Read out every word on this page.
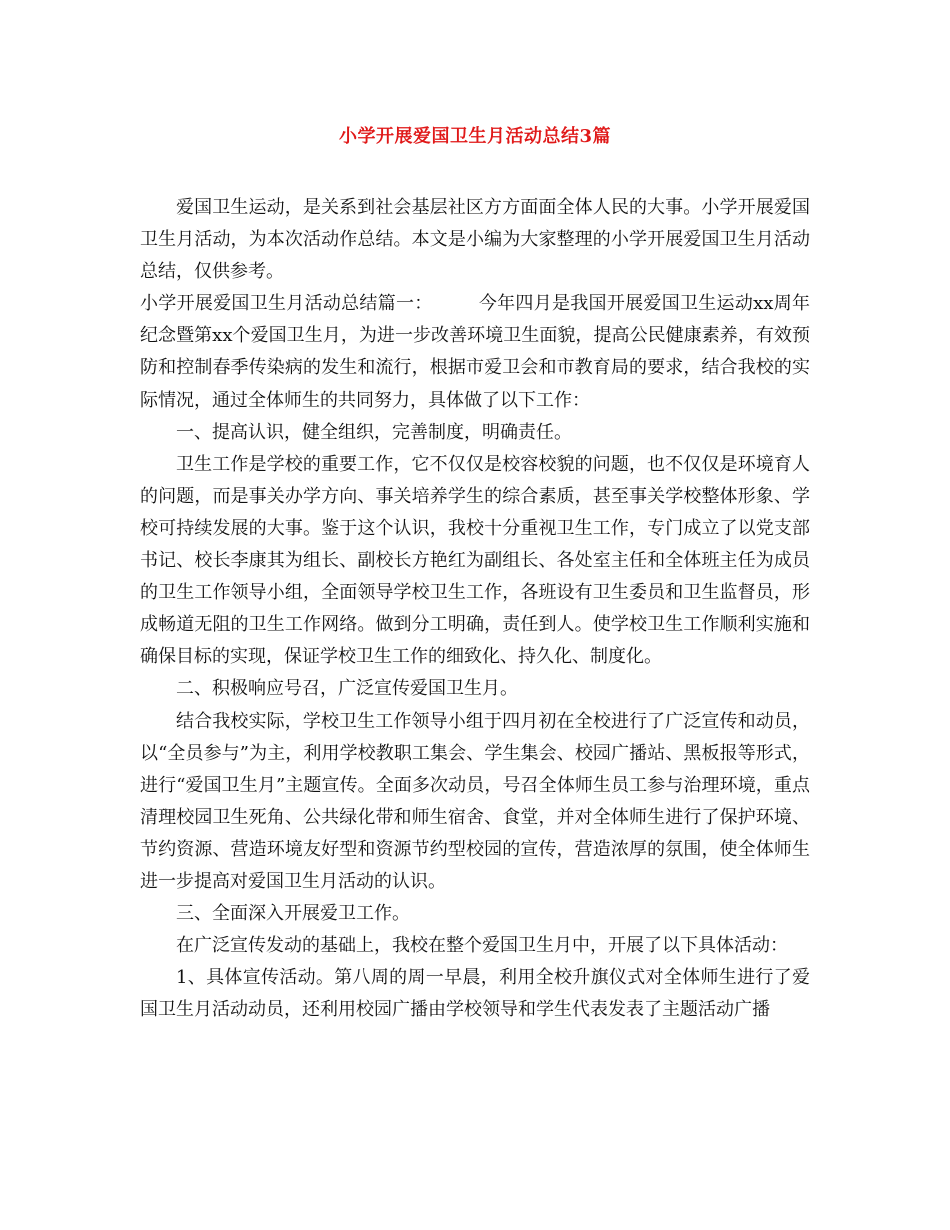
小学开展爱国卫生月活动总结3篇

爱国卫生运动，是关系到社会基层社区方方面面全体人民的大事。小学开展爱国卫生月活动，为本次活动作总结。本文是小编为大家整理的小学开展爱国卫生月活动总结，仅供参考。

小学开展爱国卫生月活动总结篇一：	今年四月是我国开展爱国卫生运动xx周年纪念暨第xx个爱国卫生月，为进一步改善环境卫生面貌，提高公民健康素养，有效预防和控制春季传染病的发生和流行，根据市爱卫会和市教育局的要求，结合我校的实际情况，通过全体师生的共同努力，具体做了以下工作：

一、提高认识，健全组织，完善制度，明确责任。

卫生工作是学校的重要工作，它不仅仅是校容校貌的问题，也不仅仅是环境育人的问题，而是事关办学方向、事关培养学生的综合素质，甚至事关学校整体形象、学校可持续发展的大事。鉴于这个认识，我校十分重视卫生工作，专门成立了以党支部书记、校长李康其为组长、副校长方艳红为副组长、各处室主任和全体班主任为成员的卫生工作领导小组，全面领导学校卫生工作，各班设有卫生委员和卫生监督员，形成畅道无阻的卫生工作网络。做到分工明确，责任到人。使学校卫生工作顺利实施和确保目标的实现，保证学校卫生工作的细致化、持久化、制度化。

二、积极响应号召，广泛宣传爱国卫生月。

结合我校实际，学校卫生工作领导小组于四月初在全校进行了广泛宣传和动员，以“全员参与”为主，利用学校教职工集会、学生集会、校园广播站、黑板报等形式，进行“爱国卫生月”主题宣传。全面多次动员，号召全体师生员工参与治理环境，重点清理校园卫生死角、公共绿化带和师生宿舍、食堂，并对全体师生进行了保护环境、节约资源、营造环境友好型和资源节约型校园的宣传，营造浓厚的氛围，使全体师生进一步提高对爱国卫生月活动的认识。

三、全面深入开展爱卫工作。

在广泛宣传发动的基础上，我校在整个爱国卫生月中，开展了以下具体活动：

1、具体宣传活动。第八周的周一早晨，利用全校升旗仪式对全体师生进行了爱国卫生月活动动员，还利用校园广播由学校领导和学生代表发表了主题活动广播
